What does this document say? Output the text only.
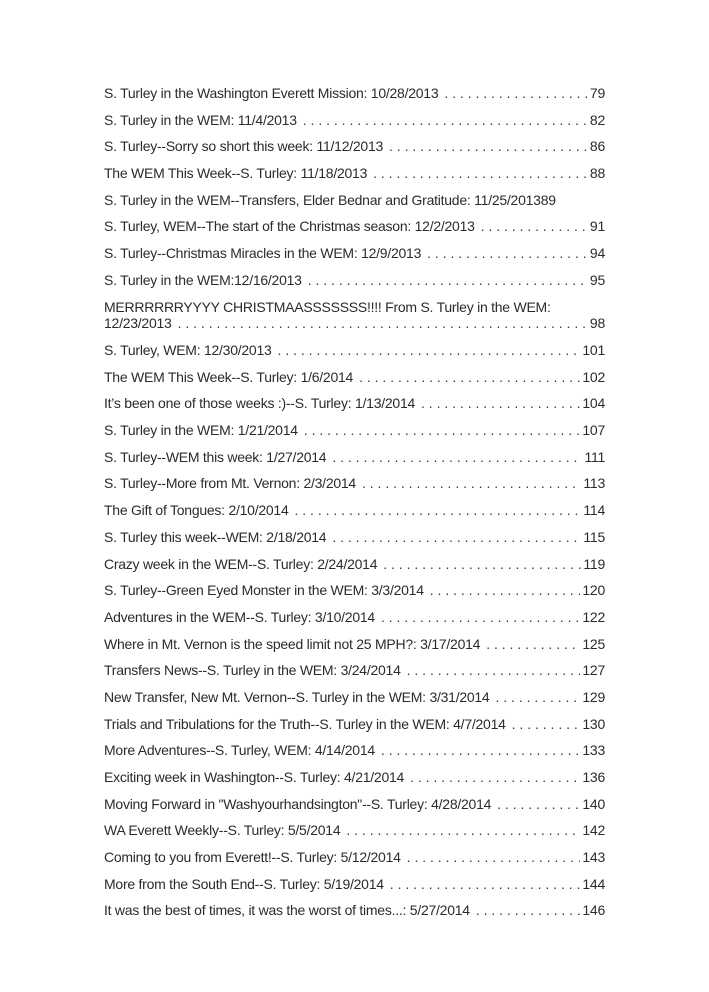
S. Turley in the Washington Everett Mission: 10/28/2013 . . .	79
S. Turley in the WEM: 11/4/2013 . . .	82
S. Turley--Sorry so short this week: 11/12/2013 . . .	86
The WEM This Week--S. Turley: 11/18/2013 . . .	88
S. Turley in the WEM--Transfers, Elder Bednar and Gratitude: 11/25/2013 89
S. Turley, WEM--The start of the Christmas season: 12/2/2013 . . .	91
S. Turley--Christmas Miracles in the WEM: 12/9/2013 . . .	94
S. Turley in the WEM:12/16/2013 . . .	95
MERRRRRRYYYY CHRISTMAASSSSSSS!!!! From S. Turley in the WEM:
12/23/2013 . . .	98
S. Turley, WEM: 12/30/2013 . . .	101
The WEM This Week--S. Turley: 1/6/2014 . . .	102
It’s been one of those weeks :)--S. Turley: 1/13/2014 . . .	104
S. Turley in the WEM: 1/21/2014 . . .	107
S. Turley--WEM this week: 1/27/2014 . . .	111
S. Turley--More from Mt. Vernon: 2/3/2014 . . .	113
The Gift of Tongues: 2/10/2014 . . .	114
S. Turley this week--WEM: 2/18/2014 . . .	115
Crazy week in the WEM--S. Turley: 2/24/2014 . . .	119
S. Turley--Green Eyed Monster in the WEM: 3/3/2014 . . .	120
Adventures in the WEM--S. Turley: 3/10/2014 . . .	122
Where in Mt. Vernon is the speed limit not 25 MPH?: 3/17/2014 . . .	125
Transfers News--S. Turley in the WEM: 3/24/2014 . . .	127
New Transfer, New Mt. Vernon--S. Turley in the WEM: 3/31/2014 . . .	129
Trials and Tribulations for the Truth--S. Turley in the WEM: 4/7/2014 . . .	130
More Adventures--S. Turley, WEM: 4/14/2014 . . .	133
Exciting week in Washington--S. Turley: 4/21/2014 . . .	136
Moving Forward in "Washyourhandsington"--S. Turley: 4/28/2014 . . .	140
WA Everett Weekly--S. Turley: 5/5/2014 . . .	142
Coming to you from Everett!--S. Turley: 5/12/2014 . . .	143
More from the South End--S. Turley: 5/19/2014 . . .	144
It was the best of times, it was the worst of times...: 5/27/2014 . . .	146
